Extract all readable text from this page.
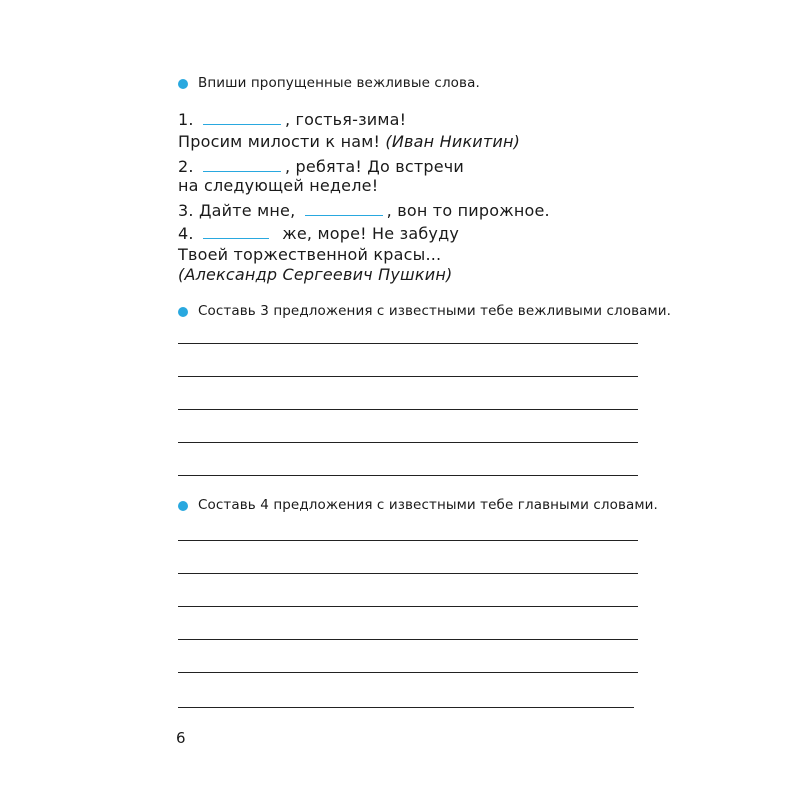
Впиши пропущенные вежливые слова.
1.	, гостья-зима!
Просим милости к нам! (Иван Никитин)
2.	, ребята! До встречи
на следующей неделе!
3. Дайте мне,	, вон то пирожное.
4.	же, море! Не забуду
Твоей торжественной красы...
(Александр Сергеевич Пушкин)
Составь 3 предложения с известными тебе вежливыми словами.
Составь 4 предложения с известными тебе главными словами.
6
